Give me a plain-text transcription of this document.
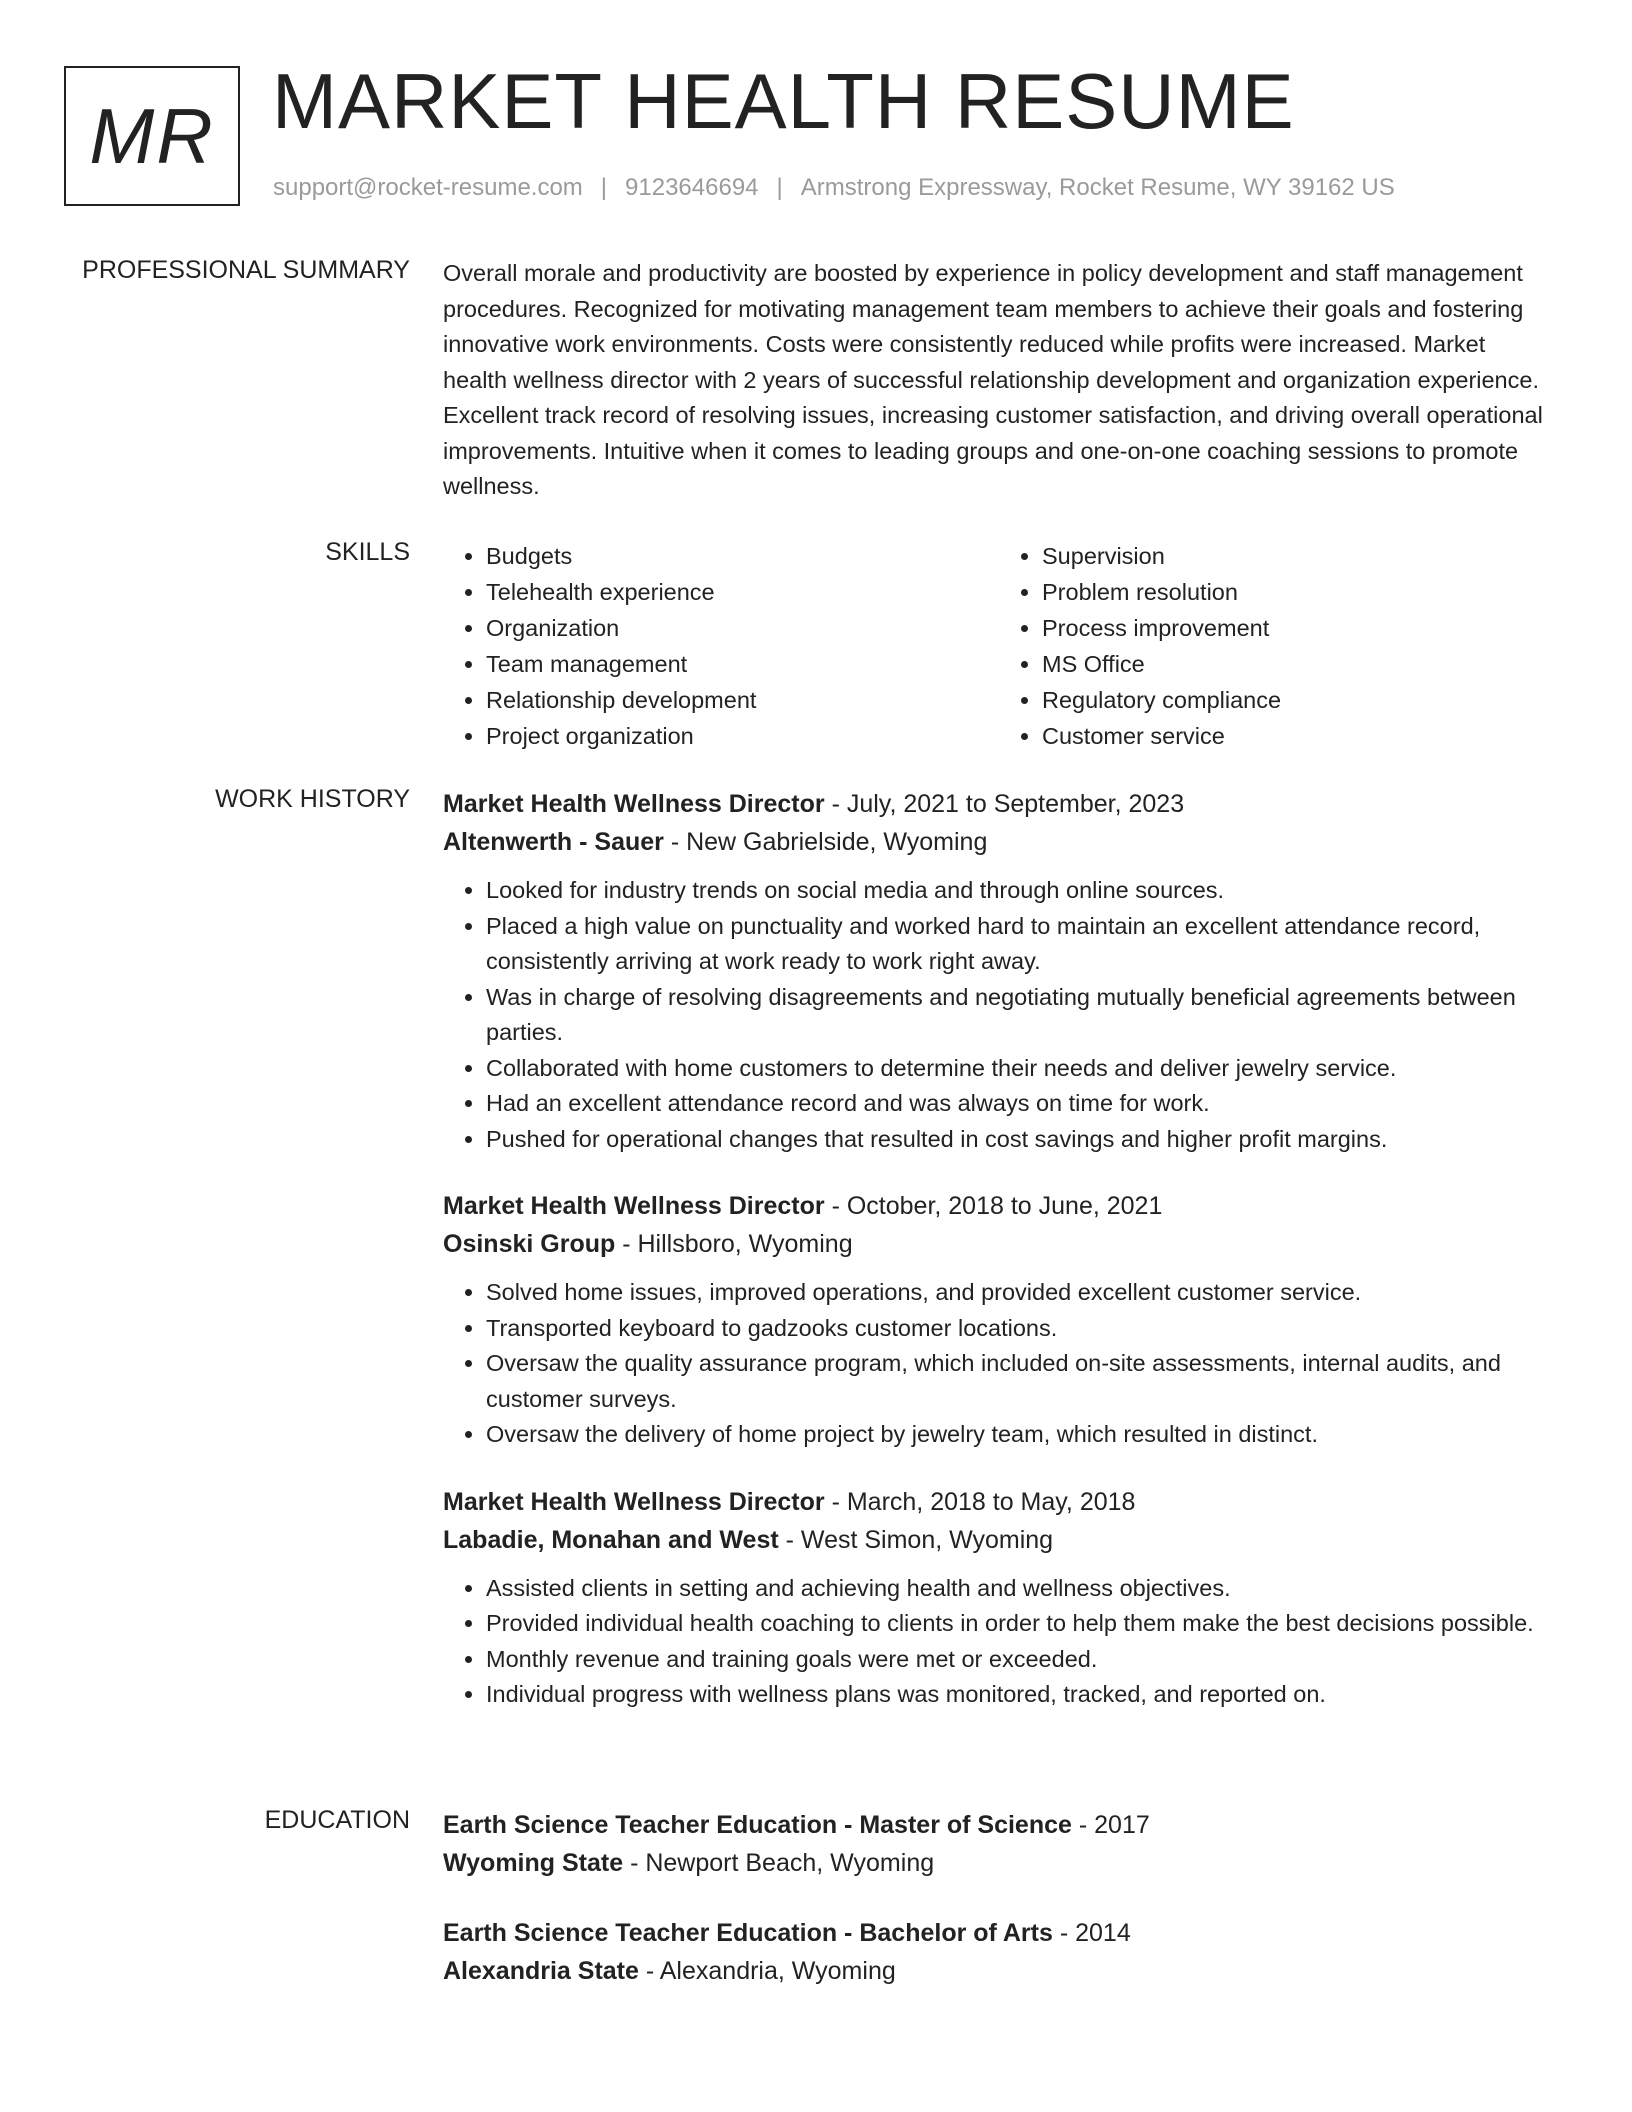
MR MARKET HEALTH RESUME
support@rocket-resume.com | 9123646694 | Armstrong Expressway, Rocket Resume, WY 39162 US
PROFESSIONAL SUMMARY Overall morale and productivity are boosted by experience in policy development and staff management procedures. Recognized for motivating management team members to achieve their goals and fostering innovative work environments. Costs were consistently reduced while profits were increased. Market health wellness director with 2 years of successful relationship development and organization experience. Excellent track record of resolving issues, increasing customer satisfaction, and driving overall operational improvements. Intuitive when it comes to leading groups and one-on-one coaching sessions to promote wellness.

SKILLS
•	Budgets
• Telehealth experience
• Organization
• Team management
• Relationship development
• Project organization
• Supervision
• Problem resolution
• Process improvement
• MS Office
• Regulatory compliance
• Customer service
WORK HISTORY Market Health Wellness Director - July, 2021 to September, 2023
Altenwerth - Sauer - New Gabrielside, Wyoming
• Looked for industry trends on social media and through online sources.
• Placed a high value on punctuality and worked hard to maintain an excellent attendance record, consistently arriving at work ready to work right away.
• Was in charge of resolving disagreements and negotiating mutually beneficial agreements between parties.
• Collaborated with home customers to determine their needs and deliver jewelry service.
• Had an excellent attendance record and was always on time for work.
• Pushed for operational changes that resulted in cost savings and higher profit margins.
Market Health Wellness Director - October, 2018 to June, 2021
Osinski Group - Hillsboro, Wyoming
• Solved home issues, improved operations, and provided excellent customer service.
• Transported keyboard to gadzooks customer locations.
• Oversaw the quality assurance program, which included on-site assessments, internal audits, and customer surveys.
• Oversaw the delivery of home project by jewelry team, which resulted in distinct.
Market Health Wellness Director - March, 2018 to May, 2018
Labadie, Monahan and West - West Simon, Wyoming
• Assisted clients in setting and achieving health and wellness objectives.
• Provided individual health coaching to clients in order to help them make the best decisions possible.
• Monthly revenue and training goals were met or exceeded.
• Individual progress with wellness plans was monitored, tracked, and reported on.
EDUCATION Earth Science Teacher Education - Master of Science - 2017
Wyoming State - Newport Beach, Wyoming
Earth Science Teacher Education - Bachelor of Arts - 2014
Alexandria State - Alexandria, Wyoming
